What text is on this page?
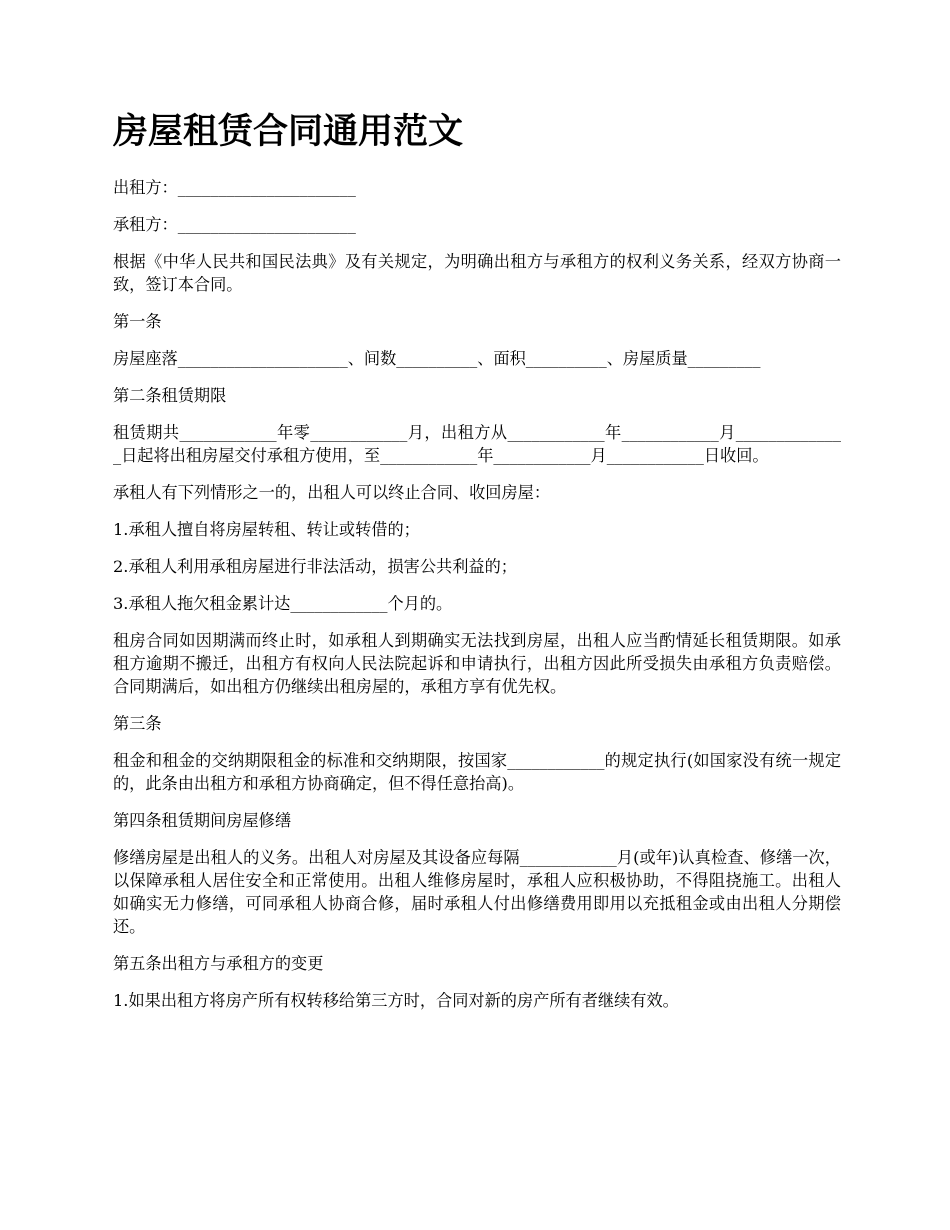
房屋租赁合同通用范文

出租方：______________________

承租方：______________________

根据《中华人民共和国民法典》及有关规定，为明确出租方与承租方的权利义务关系，经双方协商一致，签订本合同。

第一条

房屋座落_____________________、间数__________、面积__________、房屋质量_________

第二条租赁期限

租赁期共____________年零____________月，出租方从____________年____________月______________日起将出租房屋交付承租方使用，至____________年____________月____________日收回。

承租人有下列情形之一的，出租人可以终止合同、收回房屋：

1.承租人擅自将房屋转租、转让或转借的；

2.承租人利用承租房屋进行非法活动，损害公共利益的；

3.承租人拖欠租金累计达____________个月的。

租房合同如因期满而终止时，如承租人到期确实无法找到房屋，出租人应当酌情延长租赁期限。如承租方逾期不搬迁，出租方有权向人民法院起诉和申请执行，出租方因此所受损失由承租方负责赔偿。合同期满后，如出租方仍继续出租房屋的，承租方享有优先权。

第三条

租金和租金的交纳期限租金的标准和交纳期限，按国家____________的规定执行(如国家没有统一规定的，此条由出租方和承租方协商确定，但不得任意抬高)。

第四条租赁期间房屋修缮

修缮房屋是出租人的义务。出租人对房屋及其设备应每隔____________月(或年)认真检查、修缮一次，以保障承租人居住安全和正常使用。出租人维修房屋时，承租人应积极协助，不得阻挠施工。出租人如确实无力修缮，可同承租人协商合修，届时承租人付出修缮费用即用以充抵租金或由出租人分期偿还。

第五条出租方与承租方的变更

1.如果出租方将房产所有权转移给第三方时，合同对新的房产所有者继续有效。
